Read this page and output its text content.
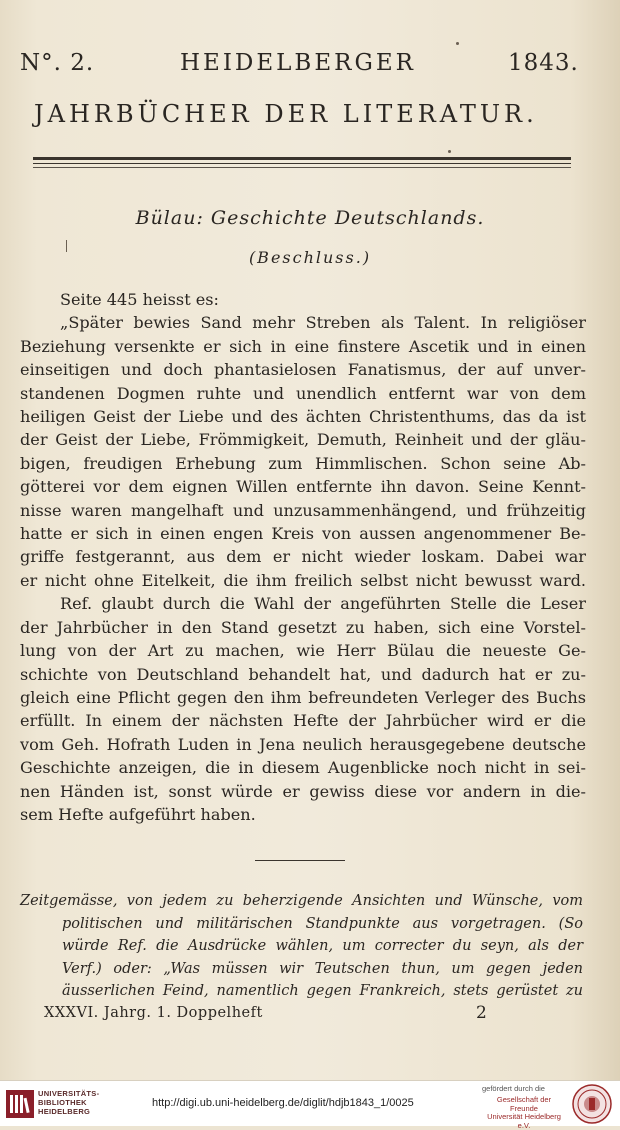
N°. 2.	HEIDELBERGER	1843.
JAHRBÜCHER DER LITERATUR.
Bülau: Geschichte Deutschlands.
(Beschluss.)
Seite 445 heisst es:
„Später bewies Sand mehr Streben als Talent. In religiöser
Beziehung versenkte er sich in eine finstere Ascetik und in einen
einseitigen und doch phantasielosen Fanatismus, der auf unver-
standenen Dogmen ruhte und unendlich entfernt war von dem
heiligen Geist der Liebe und des ächten Christenthums, das da ist
der Geist der Liebe, Frömmigkeit, Demuth, Reinheit und der gläu-
bigen, freudigen Erhebung zum Himmlischen. Schon seine Ab-
götterei vor dem eignen Willen entfernte ihn davon. Seine Kennt-
nisse waren mangelhaft und unzusammenhängend, und frühzeitig
hatte er sich in einen engen Kreis von aussen angenommener Be-
griffe festgerannt, aus dem er nicht wieder loskam. Dabei war
er nicht ohne Eitelkeit, die ihm freilich selbst nicht bewusst ward.
Ref. glaubt durch die Wahl der angeführten Stelle die Leser
der Jahrbücher in den Stand gesetzt zu haben, sich eine Vorstel-
lung von der Art zu machen, wie Herr Bülau die neueste Ge-
schichte von Deutschland behandelt hat, und dadurch hat er zu-
gleich eine Pflicht gegen den ihm befreundeten Verleger des Buchs
erfüllt. In einem der nächsten Hefte der Jahrbücher wird er die
vom Geh. Hofrath Luden in Jena neulich herausgegebene deutsche
Geschichte anzeigen, die in diesem Augenblicke noch nicht in sei-
nen Händen ist, sonst würde er gewiss diese vor andern in die-
sem Hefte aufgeführt haben.
Zeitgemässe, von jedem zu beherzigende Ansichten und Wünsche, vom
politischen und militärischen Standpunkte aus vorgetragen. (So
würde Ref. die Ausdrücke wählen, um correcter du seyn, als der
Verf.) oder: „Was müssen wir Teutschen thun, um gegen jeden
äusserlichen Feind, namentlich gegen Frankreich, stets gerüstet zu
XXXVI. Jahrg. 1. Doppelheft	2
UNIVERSITÄTS-
BIBLIOTHEK
HEIDELBERG
http://digi.ub.uni-heidelberg.de/diglit/hdjb1843_1/0025
gefördert durch die
Gesellschaft der Freunde
Universität Heidelberg e.V.
